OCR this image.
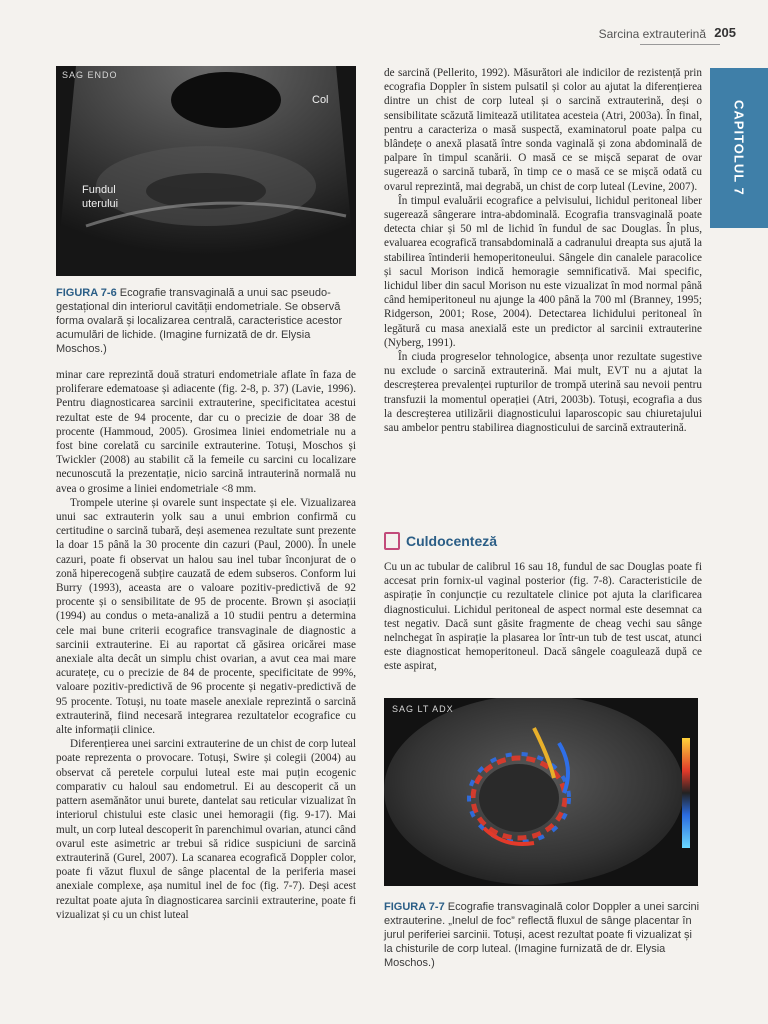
Sarcina extrauterină 205
CAPITOLUL 7
SAG ENDO
Col
Fundul
uterului
FIGURA 7-6 Ecografie transvaginală a unui sac pseudo-gestațional din interiorul cavității endometriale. Se observă forma ovalară și localizarea centrală, caracteristice acestor acumulări de lichide. (Imagine furnizată de dr. Elysia Moschos.)

minar care reprezintă două straturi endometriale aflate în faza de proliferare edematoase și adiacente (fig. 2-8, p. 37) (Lavie, 1996). Pentru diagnosticarea sarcinii extrauterine, specificitatea acestui rezultat este de 94 procente, dar cu o precizie de doar 38 de procente (Hammoud, 2005). Grosimea liniei endometriale nu a fost bine corelată cu sarcinile extrauterine. Totuși, Moschos și Twickler (2008) au stabilit că la femeile cu sarcini cu localizare necunoscută la prezentație, nicio sarcină intrauterină normală nu avea o grosime a liniei endometriale <8 mm.

Trompele uterine și ovarele sunt inspectate și ele. Vizualizarea unui sac extrauterin yolk sau a unui embrion confirmă cu certitudine o sarcină tubară, deși asemenea rezultate sunt prezente la doar 15 până la 30 procente din cazuri (Paul, 2000). În unele cazuri, poate fi observat un halou sau inel tubar înconjurat de o zonă hiperecogenă subțire cauzată de edem subseros. Conform lui Burry (1993), aceasta are o valoare pozitiv-predictivă de 92 procente și o sensibilitate de 95 de procente. Brown și asociații (1994) au condus o meta-analiză a 10 studii pentru a determina cele mai bune criterii ecografice transvaginale de diagnostic a sarcinii extrauterine. Ei au raportat că găsirea oricărei mase anexiale alta decât un simplu chist ovarian, a avut cea mai mare acuratețe, cu o precizie de 84 de procente, specificitate de 99%, valoare pozitiv-predictivă de 96 procente și negativ-predictivă de 95 procente. Totuși, nu toate masele anexiale reprezintă o sarcină extrauterină, fiind necesară integrarea rezultatelor ecografice cu alte informații clinice.

Diferențierea unei sarcini extrauterine de un chist de corp luteal poate reprezenta o provocare. Totuși, Swire și colegii (2004) au observat că peretele corpului luteal este mai puțin ecogenic comparativ cu haloul sau endometrul. Ei au descoperit că un pattern asemănător unui burete, dantelat sau reticular vizualizat în interiorul chistului este clasic unei hemoragii (fig. 9-17). Mai mult, un corp luteal descoperit în parenchimul ovarian, atunci când ovarul este asimetric ar trebui să ridice suspiciuni de sarcină extrauterină (Gurel, 2007). La scanarea ecografică Doppler color, poate fi văzut fluxul de sânge placental de la periferia masei anexiale complexe, așa numitul inel de foc (fig. 7-7). Deși acest rezultat poate ajuta în diagnosticarea sarcinii extrauterine, poate fi vizualizat și cu un chist luteal

de sarcină (Pellerito, 1992). Măsurători ale indicilor de rezistență prin ecografia Doppler în sistem pulsatil și color au ajutat la diferențierea dintre un chist de corp luteal și o sarcină extrauterină, deși o sensibilitate scăzută limitează utilitatea acesteia (Atri, 2003a). În final, pentru a caracteriza o masă suspectă, examinatorul poate palpa cu blândețe o anexă plasată între sonda vaginală și zona abdominală de palpare în timpul scanării. O masă ce se mișcă separat de ovar sugerează o sarcină tubară, în timp ce o masă ce se mișcă odată cu ovarul reprezintă, mai degrabă, un chist de corp luteal (Levine, 2007).

În timpul evaluării ecografice a pelvisului, lichidul peritoneal liber sugerează sângerare intra-abdominală. Ecografia transvaginală poate detecta chiar și 50 ml de lichid în fundul de sac Douglas. În plus, evaluarea ecografică transabdominală a cadranului dreapta sus ajută la stabilirea întinderii hemoperitoneului. Sângele din canalele paracolice și sacul Morison indică hemoragie semnificativă. Mai specific, lichidul liber din sacul Morison nu este vizualizat în mod normal până când hemiperitoneul nu ajunge la 400 până la 700 ml (Branney, 1995; Ridgerson, 2001; Rose, 2004). Detectarea lichidului peritoneal în legătură cu masa anexială este un predictor al sarcinii extrauterine (Nyberg, 1991).

În ciuda progreselor tehnologice, absența unor rezultate sugestive nu exclude o sarcină extrauterină. Mai mult, EVT nu a ajutat la descreșterea prevalenței rupturilor de trompă uterină sau nevoii pentru transfuzii la momentul operației (Atri, 2003b). Totuși, ecografia a dus la descreșterea utilizării diagnosticului laparoscopic sau chiuretajului sau ambelor pentru stabilirea diagnosticului de sarcină extrauterină.

Culdocenteză

Cu un ac tubular de calibrul 16 sau 18, fundul de sac Douglas poate fi accesat prin fornix-ul vaginal posterior (fig. 7-8). Caracteristicile de aspirație în conjuncție cu rezultatele clinice pot ajuta la clarificarea diagnosticului. Lichidul peritoneal de aspect normal este desemnat ca test negativ. Dacă sunt găsite fragmente de cheag vechi sau sânge nelnchegat în aspirație la plasarea lor într-un tub de test uscat, atunci este diagnosticat hemoperitoneul. Dacă sângele coagulează după ce este aspirat,

SAG LT ADX
FIGURA 7-7 Ecografie transvaginală color Doppler a unei sarcini extrauterine. „Inelul de foc” reflectă fluxul de sânge placentar în jurul periferiei sarcinii. Totuși, acest rezultat poate fi vizualizat și la chisturile de corp luteal. (Imagine furnizată de dr. Elysia Moschos.)
